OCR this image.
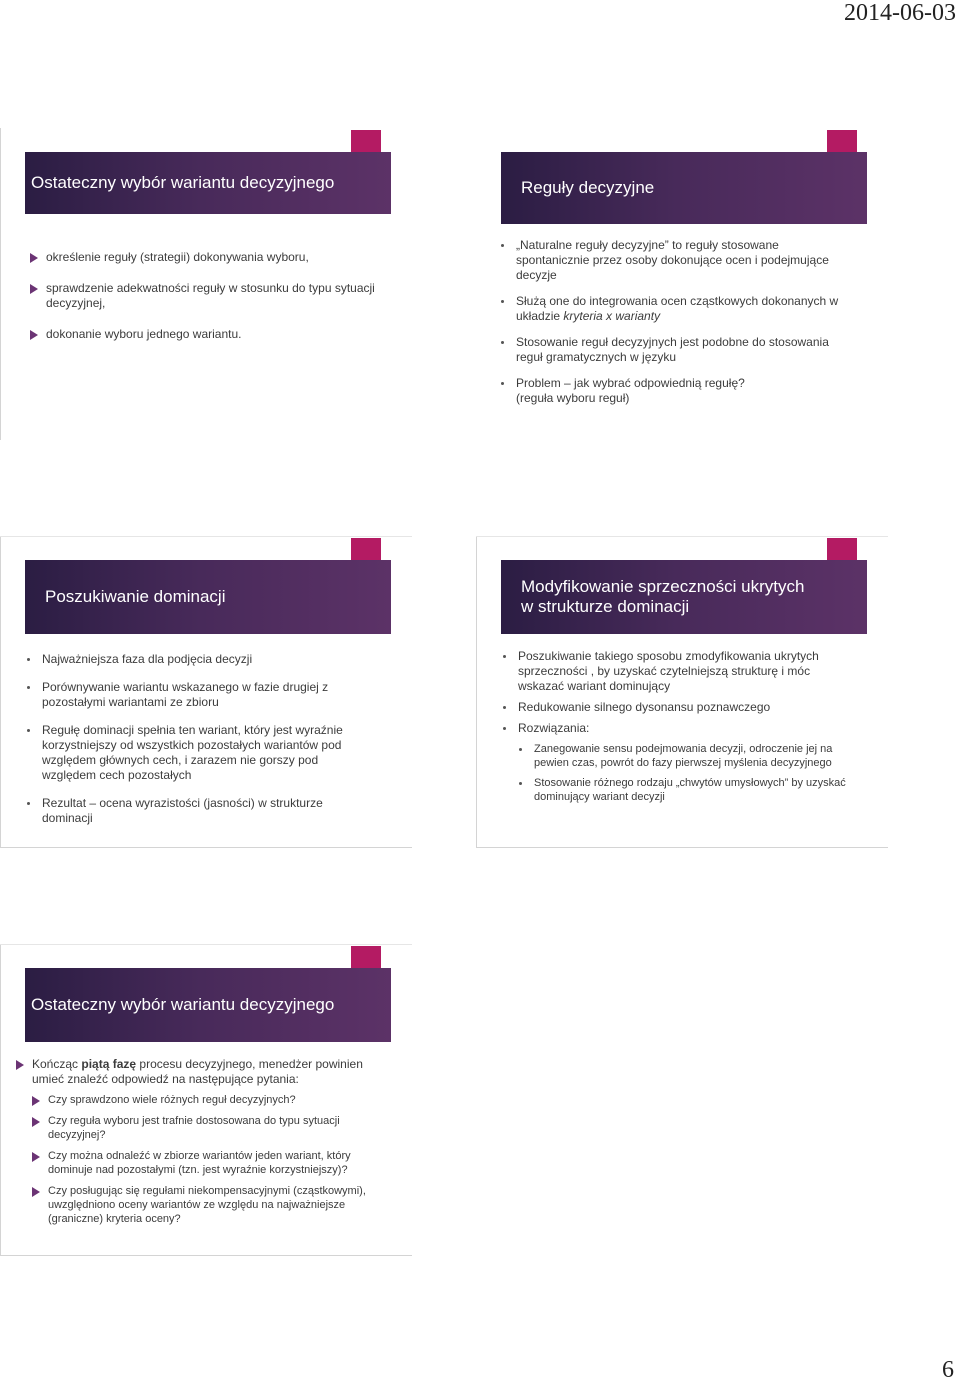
2014-06-03
Ostateczny wybór wariantu decyzyjnego
określenie reguły (strategii) dokonywania wyboru,
sprawdzenie adekwatności reguły w stosunku do typu sytuacji decyzyjnej,
dokonanie wyboru jednego wariantu.
Reguły decyzyjne
„Naturalne reguły decyzyjne” to reguły stosowane spontanicznie przez osoby dokonujące ocen i podejmujące decyzje
Służą one do integrowania ocen cząstkowych dokonanych w układzie kryteria x warianty
Stosowanie reguł decyzyjnych jest podobne do stosowania reguł gramatycznych w języku
Problem – jak wybrać odpowiednią regułę?
(reguła wyboru reguł)
Poszukiwanie dominacji
Najważniejsza faza dla podjęcia decyzji
Porównywanie wariantu wskazanego w fazie drugiej z pozostałymi wariantami ze zbioru
Regułę dominacji spełnia ten wariant, który jest wyraźnie korzystniejszy od wszystkich pozostałych wariantów pod względem głównych cech, i zarazem nie gorszy pod względem cech pozostałych
Rezultat – ocena wyrazistości (jasności) w strukturze dominacji
Modyfikowanie sprzeczności ukrytych
w strukturze dominacji
Poszukiwanie takiego sposobu zmodyfikowania ukrytych sprzeczności , by uzyskać czytelniejszą strukturę i móc wskazać wariant dominujący
Redukowanie silnego dysonansu poznawczego
Rozwiązania:
Zanegowanie sensu podejmowania decyzji, odroczenie jej na pewien czas, powrót do fazy pierwszej myślenia decyzyjnego
Stosowanie różnego rodzaju „chwytów umysłowych” by uzyskać dominujący wariant decyzji
Ostateczny wybór wariantu decyzyjnego
Kończąc piątą fazę procesu decyzyjnego, menedżer powinien umieć znaleźć odpowiedź na następujące pytania:
Czy sprawdzono wiele różnych reguł decyzyjnych?
Czy reguła wyboru jest trafnie dostosowana do typu sytuacji decyzyjnej?
Czy można odnaleźć w zbiorze wariantów jeden wariant, który dominuje nad pozostałymi (tzn. jest wyraźnie korzystniejszy)?
Czy posługując się regułami niekompensacyjnymi (cząstkowymi), uwzględniono oceny wariantów ze względu na najważniejsze (graniczne) kryteria oceny?
6
